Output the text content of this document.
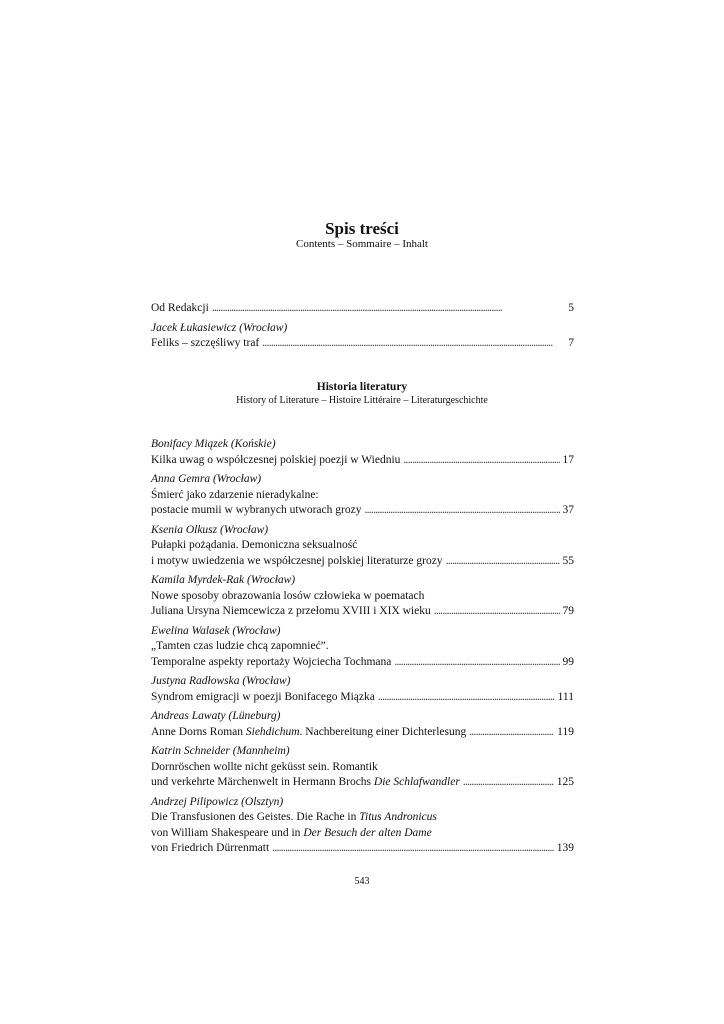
Spis treści
Contents – Sommaire – Inhalt
Od Redakcji . . .	5
Jacek Łukasiewicz (Wrocław)
Feliks – szczęśliwy traf . . .	7
Historia literatury
History of Literature – Histoire Littéraire – Literaturgeschichte
Bonifacy Miązek (Końskie)
Kilka uwag o współczesnej polskiej poezji w Wiedniu . . .	17
Anna Gemra (Wrocław)
Śmierć jako zdarzenie nieradykalne:
postacie mumii w wybranych utworach grozy . . .	37
Ksenia Olkusz (Wrocław)
Pułapki pożądania. Demoniczna seksualność
i motyw uwiedzenia we współczesnej polskiej literaturze grozy . . .	55
Kamila Myrdek-Rak (Wrocław)
Nowe sposoby obrazowania losów człowieka w poematach
Juliana Ursyna Niemcewicza z przełomu XVIII i XIX wieku . . .	79
Ewelina Walasek (Wrocław)
„Tamten czas ludzie chcą zapomnieć”.
Temporalne aspekty reportaży Wojciecha Tochmana . . .	99
Justyna Radłowska (Wrocław)
Syndrom emigracji w poezji Bonifacego Miązka . . .	111
Andreas Lawaty (Lüneburg)
Anne Dorns Roman Siehdichum. Nachbereitung einer Dichterlesung . . .	119
Katrin Schneider (Mannheim)
Dornröschen wollte nicht geküsst sein. Romantik
und verkehrte Märchenwelt in Hermann Brochs Die Schlafwandler . . .	125
Andrzej Pilipowicz (Olsztyn)
Die Transfusionen des Geistes. Die Rache in Titus Andronicus
von William Shakespeare und in Der Besuch der alten Dame
von Friedrich Dürrenmatt . . .	139
543
